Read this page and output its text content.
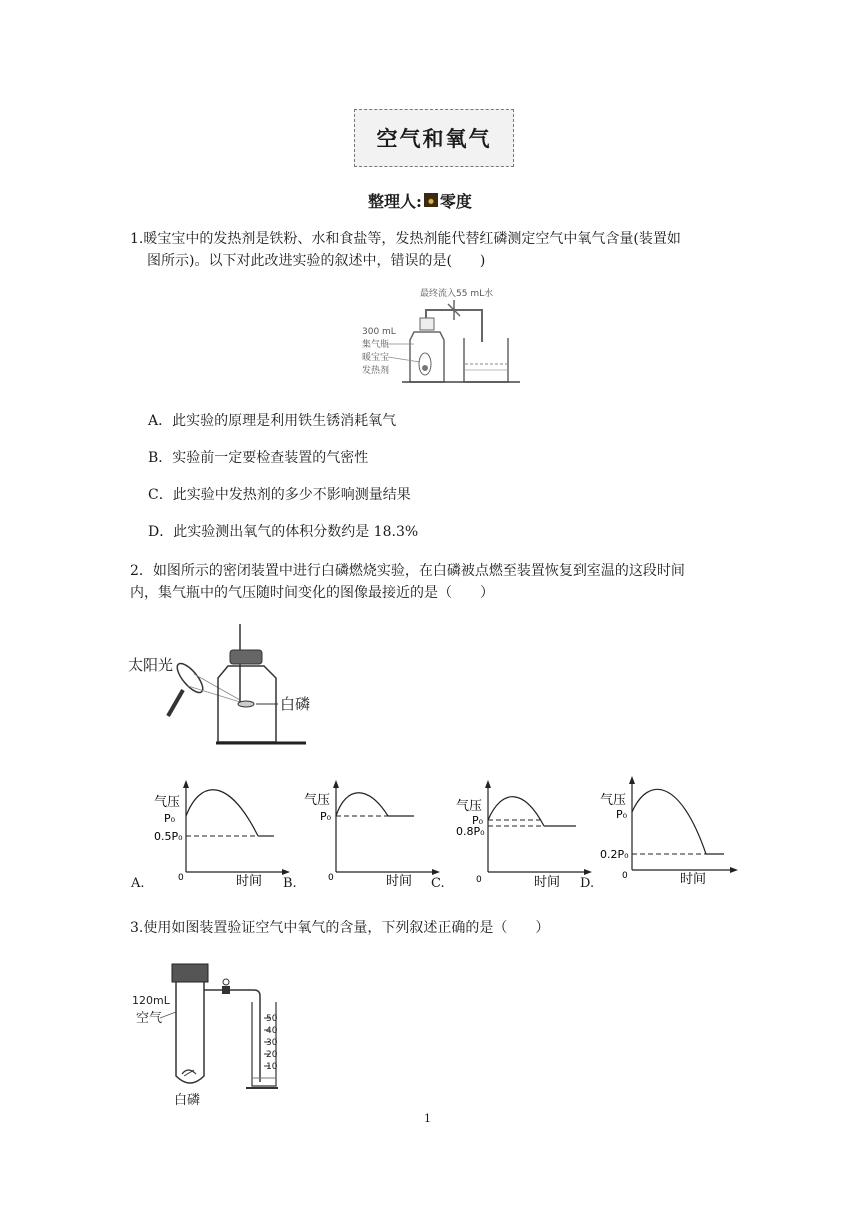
空气和氧气
整理人: 零度
1.暖宝宝中的发热剂是铁粉、水和食盐等，发热剂能代替红磷测定空气中氧气含量(装置如
图所示)。以下对此改进实验的叙述中，错误的是(　　)
最终流入55 mL水
300 mL
集气瓶
暖宝宝
发热剂
A．此实验的原理是利用铁生锈消耗氧气
B．实验前一定要检查装置的气密性
C．此实验中发热剂的多少不影响测量结果
D．此实验测出氧气的体积分数约是 18.3%
2．如图所示的密闭装置中进行白磷燃烧实验，在白磷被点燃至装置恢复到室温的这段时间
内，集气瓶中的气压随时间变化的图像最接近的是（　　）
太阳光
白磷
A.
气压
P₀
0.5P₀
0	时间 B.
气压
P₀
0	时间 C.
气压
P₀
0.8P₀
0	时间 D.
气压
P₀
0.2P₀
0	时间
3.使用如图装置验证空气中氧气的含量，下列叙述正确的是（　　）
120mL
空气	50
40
30
20
10
白磷
1
